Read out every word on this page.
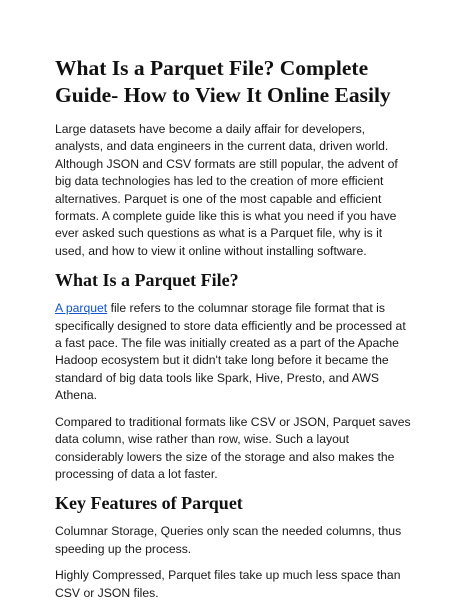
What Is a Parquet File? Complete Guide- How to View It Online Easily

Large datasets have become a daily affair for developers, analysts, and data engineers in the current data, driven world. Although JSON and CSV formats are still popular, the advent of big data technologies has led to the creation of more efficient alternatives. Parquet is one of the most capable and efficient formats. A complete guide like this is what you need if you have ever asked such questions as what is a Parquet file, why is it used, and how to view it online without installing software.

What Is a Parquet File?

A parquet file refers to the columnar storage file format that is specifically designed to store data efficiently and be processed at a fast pace. The file was initially created as a part of the Apache Hadoop ecosystem but it didn't take long before it became the standard of big data tools like Spark, Hive, Presto, and AWS Athena.

Compared to traditional formats like CSV or JSON, Parquet saves data column, wise rather than row, wise. Such a layout considerably lowers the size of the storage and also makes the processing of data a lot faster.

Key Features of Parquet

Columnar Storage, Queries only scan the needed columns, thus speeding up the process.

Highly Compressed, Parquet files take up much less space than CSV or JSON files.
